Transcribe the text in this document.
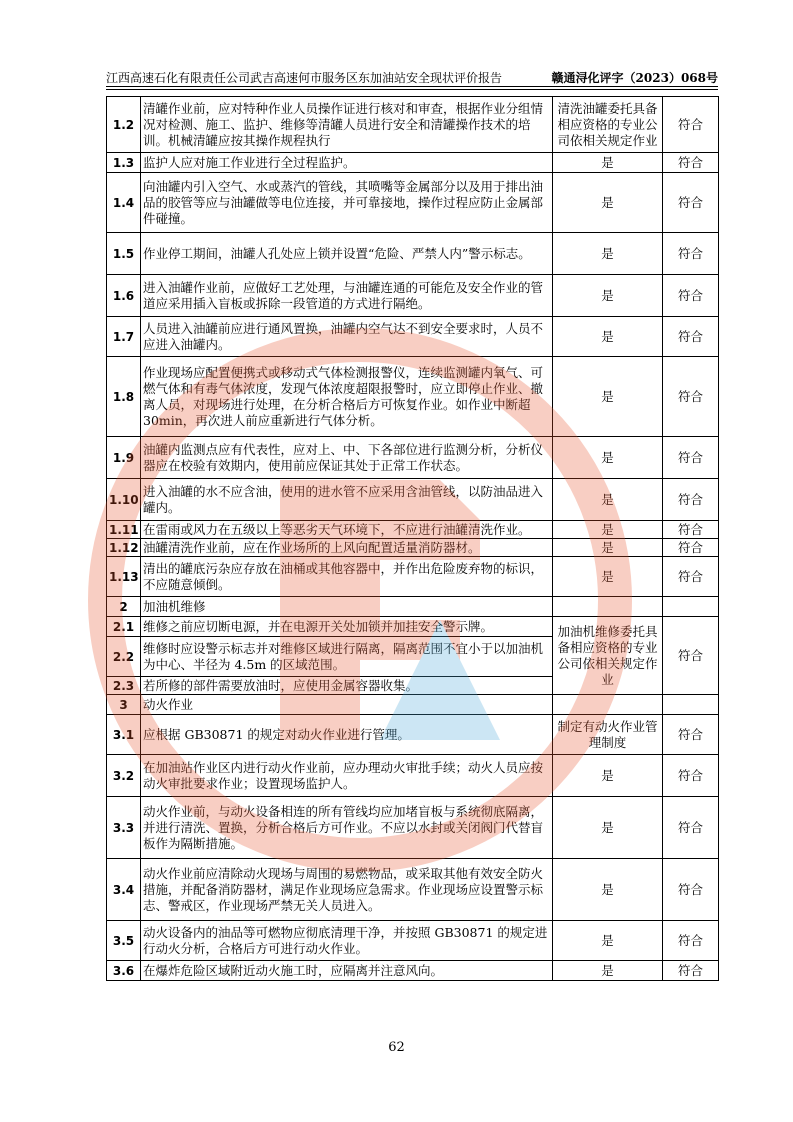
江西高速石化有限责任公司武吉高速何市服务区东加油站安全现状评价报告	赣通浔化评字（2023）068号
1.2	清罐作业前，应对特种作业人员操作证进行核对和审查，根据作业分组情况对检测、施工、监护、维修等清罐人员进行安全和清罐操作技术的培训。机械清罐应按其操作规程执行	清洗油罐委托具备相应资格的专业公司依相关规定作业	符合
1.3	监护人应对施工作业进行全过程监护。	是	符合
1.4	向油罐内引入空气、水或蒸汽的管线，其喷嘴等金属部分以及用于排出油品的胶管等应与油罐做等电位连接，并可靠接地，操作过程应防止金属部件碰撞。	是	符合
1.5	作业停工期间，油罐人孔处应上锁并设置“危险、严禁人内”警示标志。	是	符合
1.6	进入油罐作业前，应做好工艺处理，与油罐连通的可能危及安全作业的管道应采用插入盲板或拆除一段管道的方式进行隔绝。	是	符合
1.7	人员进入油罐前应进行通风置换，油罐内空气达不到安全要求时，人员不应进入油罐内。	是	符合
1.8	作业现场应配置便携式或移动式气体检测报警仪，连续监测罐内氧气、可燃气体和有毒气体浓度，发现气体浓度超限报警时，应立即停止作业、撤离人员，对现场进行处理，在分析合格后方可恢复作业。如作业中断超 30min，再次进人前应重新进行气体分析。	是	符合
1.9	油罐内监测点应有代表性，应对上、中、下各部位进行监测分析，分析仪器应在校验有效期内，使用前应保证其处于正常工作状态。	是	符合
1.10	进入油罐的水不应含油，使用的进水管不应采用含油管线，以防油品进入罐内。	是	符合
1.11	在雷雨或风力在五级以上等恶劣天气环境下，不应进行油罐清洗作业。	是	符合
1.12	油罐清洗作业前，应在作业场所的上风向配置适量消防器材。	是	符合
1.13	清出的罐底污杂应存放在油桶或其他容器中，并作出危险废弃物的标识，不应随意倾倒。	是	符合
2	加油机维修		
2.1	维修之前应切断电源，并在电源开关处加锁并加挂安全警示牌。	加油机维修委托具备相应资格的专业公司依相关规定作业	符合
2.2	维修时应设警示标志并对维修区域进行隔离，隔离范围不宜小于以加油机为中心、半径为 4.5m 的区域范围。		
2.3	若所修的部件需要放油时，应使用金属容器收集。		
3	动火作业		
3.1	应根据 GB30871 的规定对动火作业进行管理。	制定有动火作业管理制度	符合
3.2	在加油站作业区内进行动火作业前，应办理动火审批手续；动火人员应按动火审批要求作业；设置现场监护人。	是	符合
3.3	动火作业前，与动火设备相连的所有管线均应加堵盲板与系统彻底隔离，并进行清洗、置换，分析合格后方可作业。不应以水封或关闭阀门代替盲板作为隔断措施。	是	符合
3.4	动火作业前应清除动火现场与周围的易燃物品，或采取其他有效安全防火措施，并配备消防器材，满足作业现场应急需求。作业现场应设置警示标志、警戒区，作业现场严禁无关人员进入。	是	符合
3.5	动火设备内的油品等可燃物应彻底清理干净，并按照 GB30871 的规定进行动火分析，合格后方可进行动火作业。	是	符合
3.6	在爆炸危险区域附近动火施工时，应隔离并注意风向。	是	符合
62
